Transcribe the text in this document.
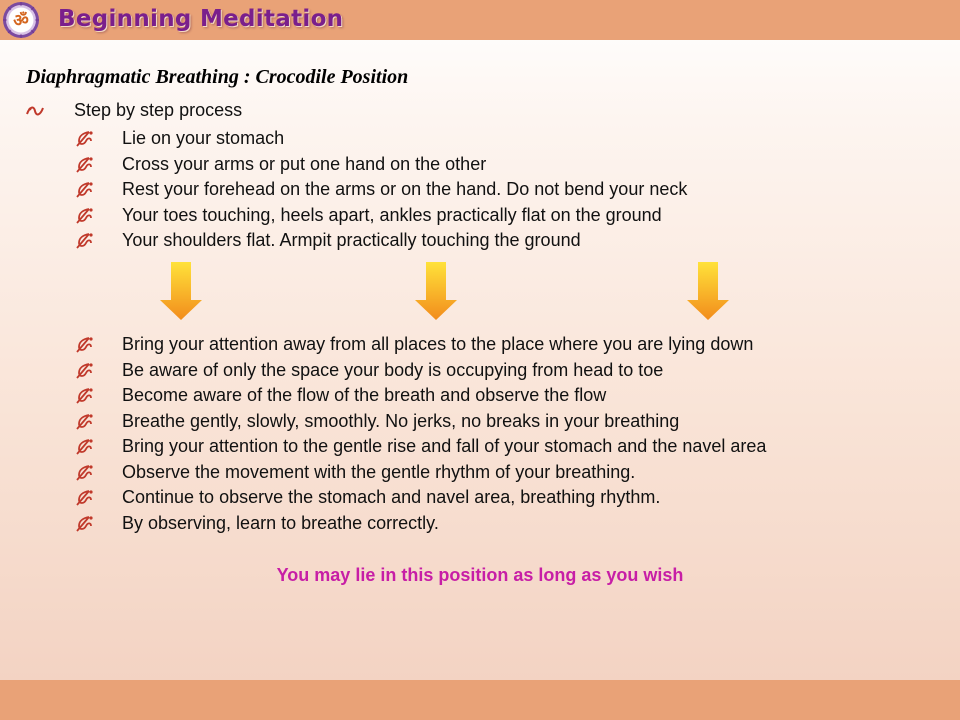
ॐ Beginning Meditation
Diaphragmatic Breathing : Crocodile Position
Step by step process
Lie on your stomach
Cross your arms or put one hand on the other
Rest your forehead on the arms or on the hand. Do not bend your neck
Your toes touching, heels apart, ankles practically flat on the ground
Your shoulders flat. Armpit practically touching the ground
Bring your attention away from all places to the place where you are lying down
Be aware of only the space your body is occupying from head to toe
Become aware of the flow of the breath and observe the flow
Breathe gently, slowly, smoothly. No jerks, no breaks in your breathing
Bring your attention to the gentle rise and fall of your stomach and the navel area
Observe the movement with the gentle rhythm of your breathing.
Continue to observe the stomach and navel area, breathing rhythm.
By observing, learn to breathe correctly.
You may lie in this position as long as you wish
